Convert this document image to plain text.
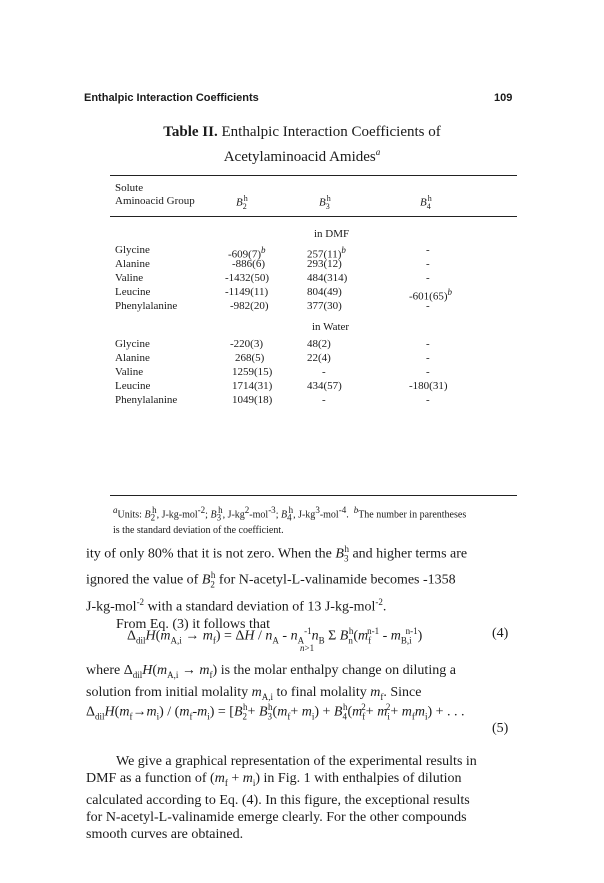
Enthalpic Interaction Coefficients	109
Table II. Enthalpic Interaction Coefficients of
Acetylaminoacid Amides$^a$
Solute
Aminoacid Group	$B_2^h$	$B_3^h$	$B_4^h$
in DMF
Glycine	$-609(7)^b$	$257(11)^b$	-
Alanine	-886(6)	293(12)	-
Valine	-1432(50)	484(314)	-
Leucine	-1149(11)	804(49)	$-601(65)^b$
Phenylalanine	-982(20)	377(30)	-
in Water
Glycine	-220(3)	48(2)	-
Alanine	268(5)	22(4)	-
Valine	1259(15)	-	-
Leucine	1714(31)	434(57)	-180(31)
Phenylalanine	1049(18)	-	-
$^a$Units: $B_2^h$, J-kg-mol$^{-2}$; $B_3^h$, $J-kg^2-mol^{-3}$; $B_4^h$, $J-kg^3-mol^{-4}$.  $^b$The number in parentheses
is the standard deviation of the coefficient.
ity of only 80% that it is not zero. When the $B_3^h$ and higher terms are
ignored the value of $B_2^h$ for N-acetyl-L-valinamide becomes -1358
J-kg-mol$^{-2}$ with a standard deviation of 13 J-kg-mol$^{-2}$.
From Eq. (3) it follows that
$\Delta_{dil}H(m_{A,i} \to m_f) = \Delta H / n_A - n_A^{-1}n_B$ Σ $B_n^h(m_f^{n-1} - m_{B,i}^{n-1})$
n>1
(4)
where $\Delta_{dil}H(m_{A,i} \to m_f)$ is the molar enthalpy change on diluting a
solution from initial molality $m_{A,i}$ to final molality $m_f$. Since
$\Delta_{dil}H(m_f\to m_i) / (m_f-m_i) = [B_2^h+ B_3^h(m_f+ m_i) + B_4^h(m_f^2+ m_i^2+ m_fm_i)$ + . . .
(5)
We give a graphical representation of the experimental results in
DMF as a function of $(m_f + m_i)$ in Fig. 1 with enthalpies of dilution
calculated according to Eq. (4). In this figure, the exceptional results
for N-acetyl-L-valinamide emerge clearly. For the other compounds
smooth curves are obtained.
